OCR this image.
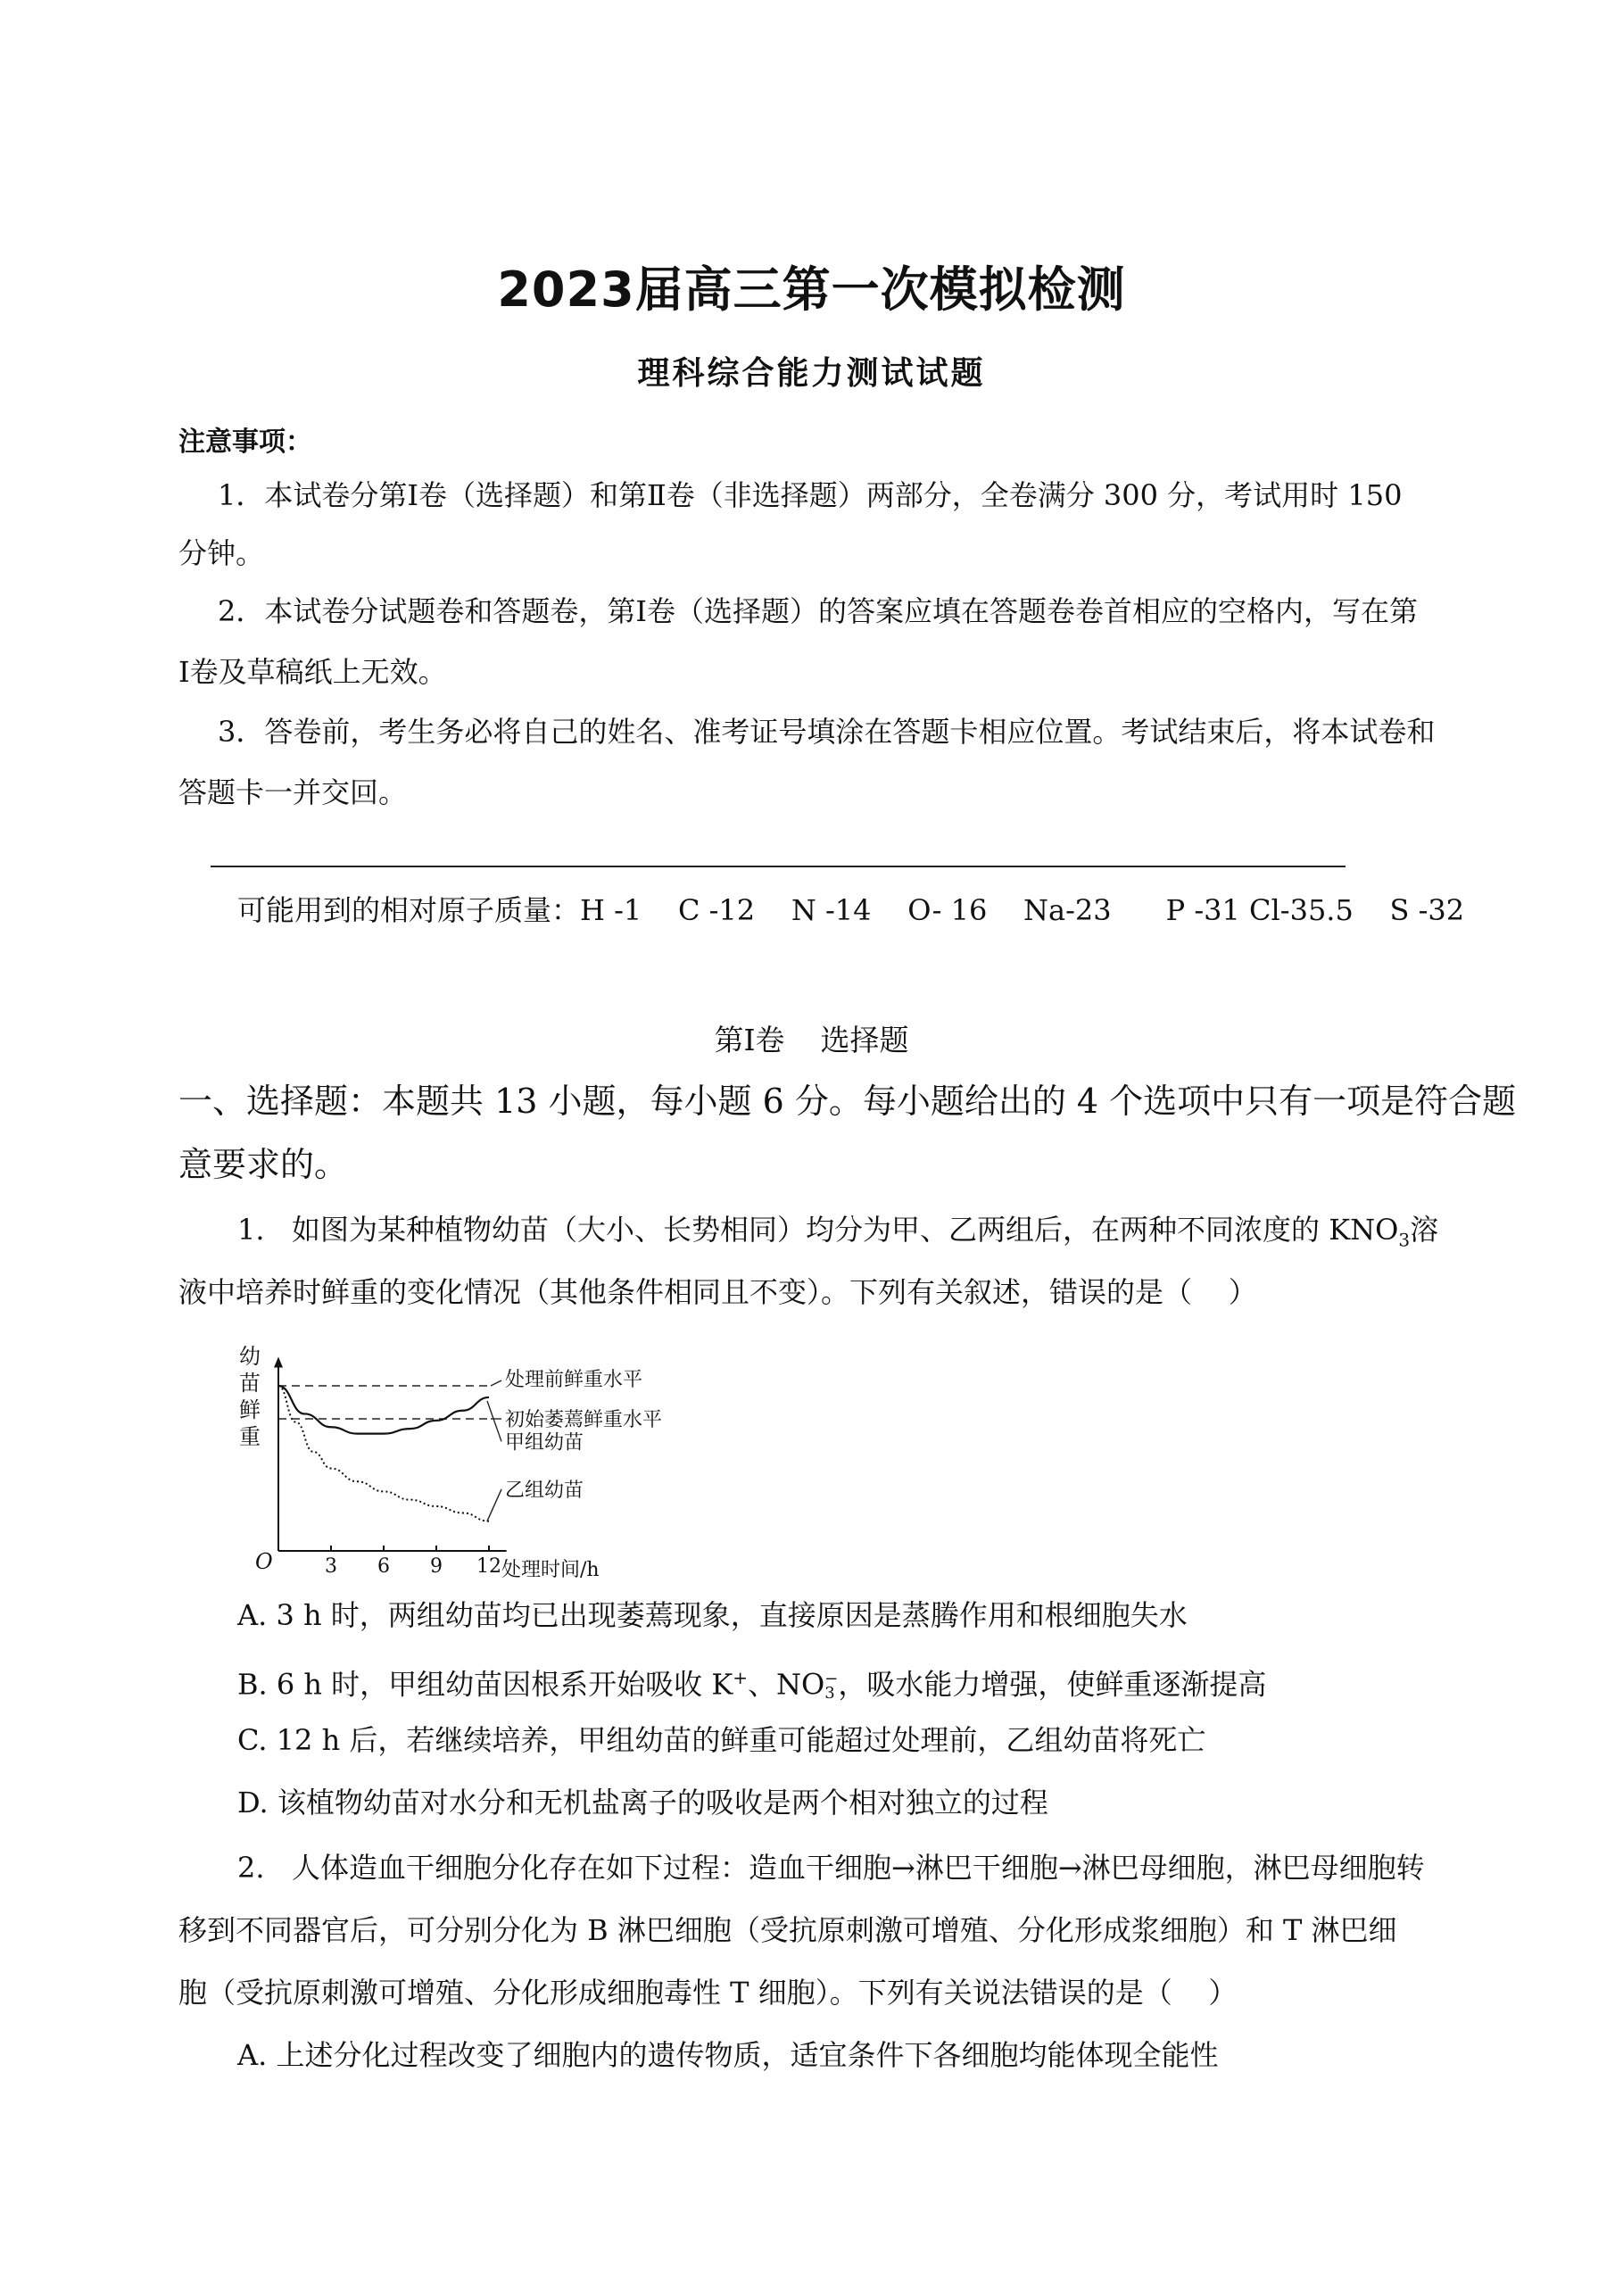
2023届高三第一次模拟检测
理科综合能力测试试题
注意事项：
1．本试卷分第Ⅰ卷（选择题）和第Ⅱ卷（非选择题）两部分，全卷满分 300 分，考试用时 150
分钟。
2．本试卷分试题卷和答题卷，第Ⅰ卷（选择题）的答案应填在答题卷卷首相应的空格内，写在第
Ⅰ卷及草稿纸上无效。
3．答卷前，考生务必将自己的姓名、准考证号填涂在答题卡相应位置。考试结束后，将本试卷和
答题卡一并交回。
可能用到的相对原子质量：H -1    C -12    N -14    O- 16    Na-23      P -31 Cl-35.5    S -32
第Ⅰ卷 选择题
一、选择题：本题共 13 小题，每小题 6 分。每小题给出的 4 个选项中只有一项是符合题
意要求的。
1.   如图为某种植物幼苗（大小、长势相同）均分为甲、乙两组后，在两种不同浓度的 $KNO_3$溶
液中培养时鲜重的变化情况（其他条件相同且不变）。下列有关叙述，错误的是（    ）
幼
苗
鲜
重
O	处理时间/h
3 6 9 12
处理前鲜重水平
初始萎蔫鲜重水平
甲组幼苗
乙组幼苗
A. 3 h 时，两组幼苗均已出现萎蔫现象，直接原因是蒸腾作用和根细胞失水
B. 6 h 时，甲组幼苗因根系开始吸收 K+、NO −
3 ，吸水能力增强，使鲜重逐渐提高
C. 12 h 后，若继续培养，甲组幼苗的鲜重可能超过处理前，乙组幼苗将死亡
D. 该植物幼苗对水分和无机盐离子的吸收是两个相对独立的过程
2.   人体造血干细胞分化存在如下过程：造血干细胞→淋巴干细胞→淋巴母细胞，淋巴母细胞转
移到不同器官后，可分别分化为 B 淋巴细胞（受抗原刺激可增殖、分化形成浆细胞）和 T 淋巴细
胞（受抗原刺激可增殖、分化形成细胞毒性 T 细胞）。下列有关说法错误的是（    ）
A. 上述分化过程改变了细胞内的遗传物质，适宜条件下各细胞均能体现全能性
